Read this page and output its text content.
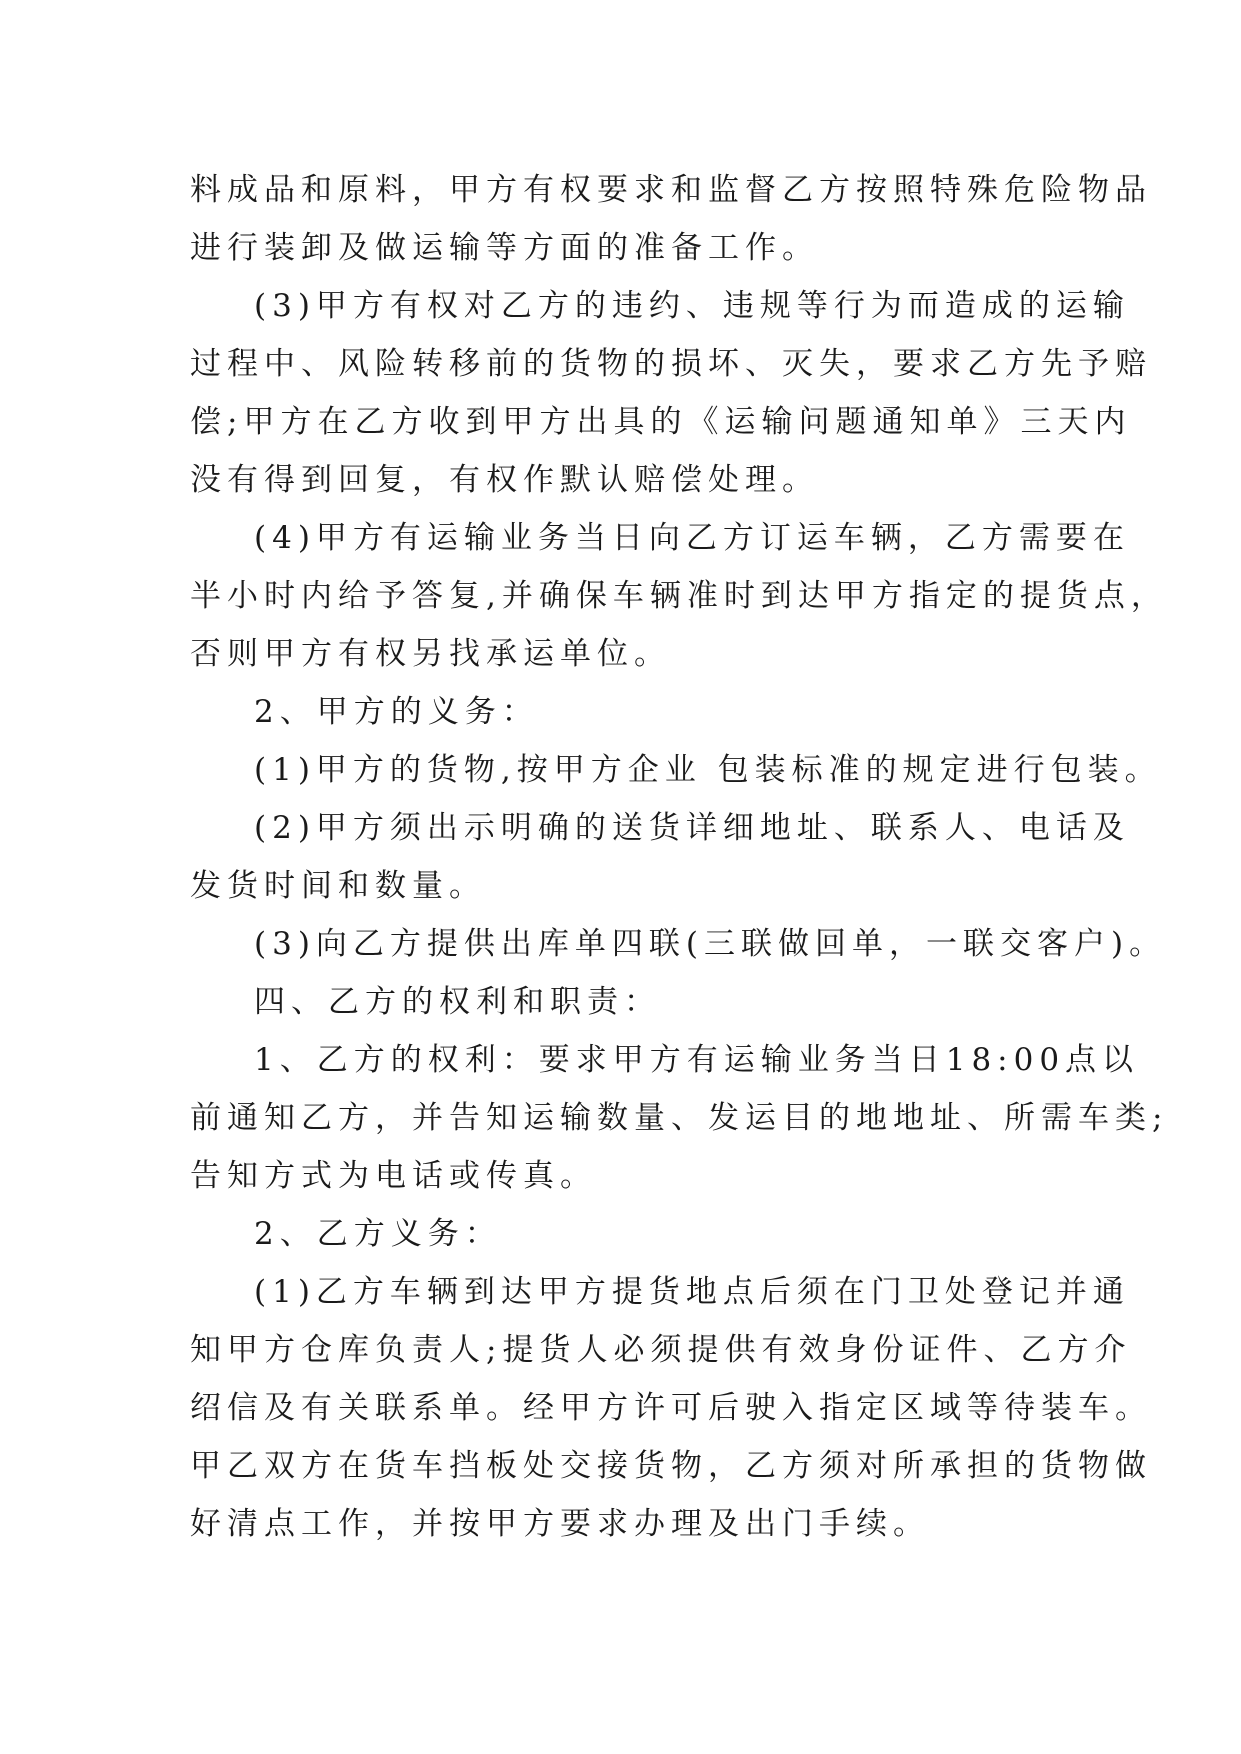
料成品和原料，甲方有权要求和监督乙方按照特殊危险物品
进行装卸及做运输等方面的准备工作。
(3)甲方有权对乙方的违约、违规等行为而造成的运输
过程中、风险转移前的货物的损坏、灭失，要求乙方先予赔
偿;甲方在乙方收到甲方出具的《运输问题通知单》三天内
没有得到回复，有权作默认赔偿处理。
(4)甲方有运输业务当日向乙方订运车辆，乙方需要在
半小时内给予答复,并确保车辆准时到达甲方指定的提货点，
否则甲方有权另找承运单位。
2、甲方的义务：
(1)甲方的货物,按甲方企业 包装标准的规定进行包装。
(2)甲方须出示明确的送货详细地址、联系人、电话及
发货时间和数量。
(3)向乙方提供出库单四联(三联做回单，一联交客户)。
四、乙方的权利和职责：
1、乙方的权利：要求甲方有运输业务当日18:00点以
前通知乙方，并告知运输数量、发运目的地地址、所需车类;
告知方式为电话或传真。
2、乙方义务：
(1)乙方车辆到达甲方提货地点后须在门卫处登记并通
知甲方仓库负责人;提货人必须提供有效身份证件、乙方介
绍信及有关联系单。经甲方许可后驶入指定区域等待装车。
甲乙双方在货车挡板处交接货物，乙方须对所承担的货物做
好清点工作，并按甲方要求办理及出门手续。
